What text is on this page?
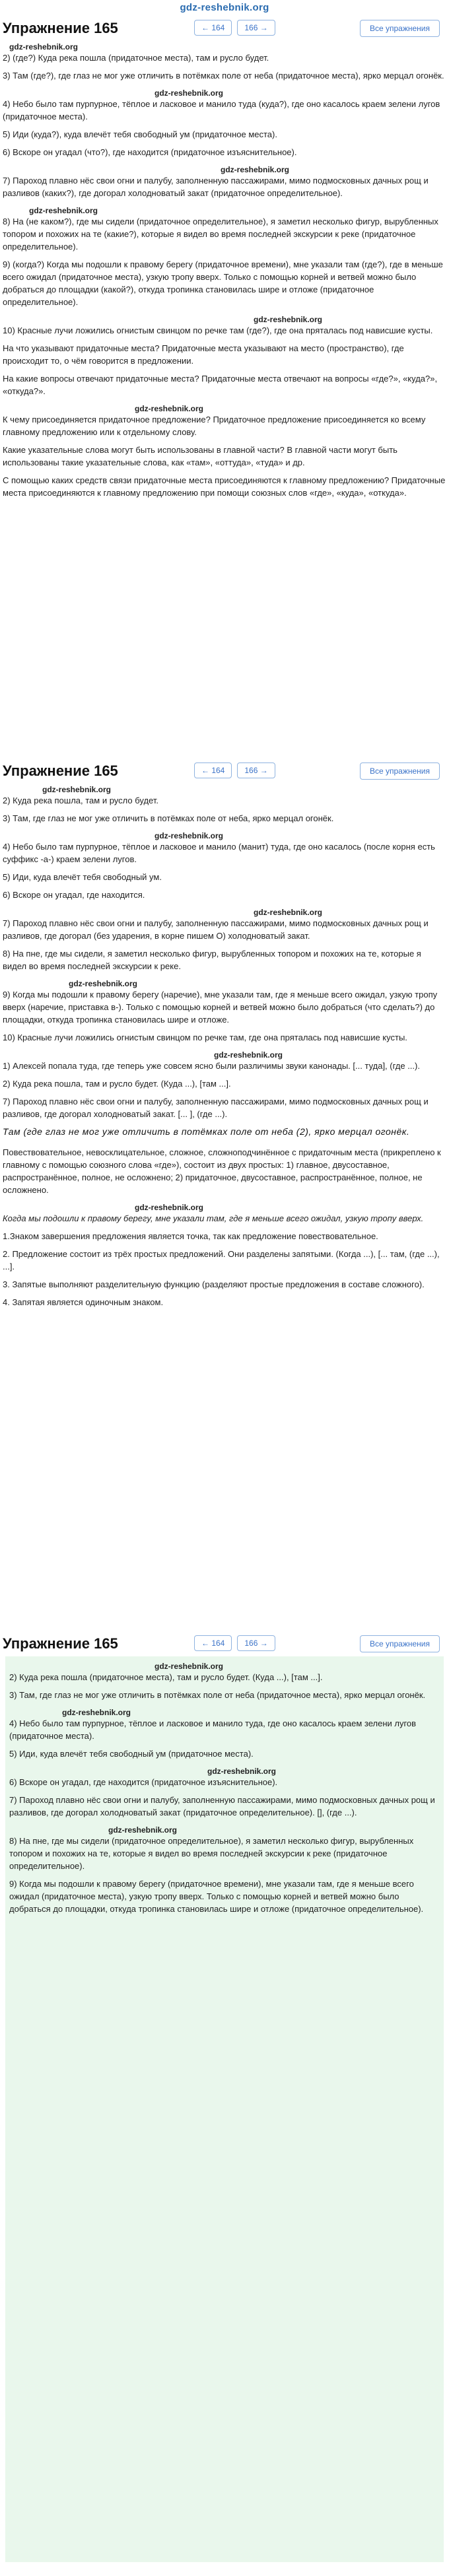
gdz-reshebnik.org
Упражнение 165	← 164	166 →	Все упражнения
gdz-reshebnik.org

2) (где?) Куда река пошла (придаточное места), там и русло будет.

3) Там (где?), где глаз не мог уже отличить в потёмках поле от неба (придаточное места), ярко мерцал огонёк.

gdz-reshebnik.org

4) Небо было там пурпурное, тёплое и ласковое и манило туда (куда?), где оно касалось краем зелени лугов (придаточное места).

5) Иди (куда?), куда влечёт тебя свободный ум (придаточное места).

6) Вскоре он угадал (что?), где находится (придаточное изъяснительное).

gdz-reshebnik.org

7) Пароход плавно нёс свои огни и палубу, заполненную пассажирами, мимо подмосковных дачных рощ и разливов (каких?), где догорал холодноватый закат (придаточное определительное).

gdz-reshebnik.org

8) На (не каком?), где мы сидели (придаточное определительное), я заметил несколько фигур, вырубленных топором и похожих на те (какие?), которые я видел во время последней экскурсии к реке (придаточное определительное).

9) (когда?) Когда мы подошли к правому берегу (придаточное времени), мне указали там (где?), где в меньше всего ожидал (придаточное места), узкую тропу вверх. Только с помощью корней и ветвей можно было добраться до площадки (какой?), откуда тропинка становилась шире и отложе (придаточное определительное).

gdz-reshebnik.org

10) Красные лучи ложились огнистым свинцом по речке там (где?), где она пряталась под нависшие кусты.

На что указывают придаточные места? Придаточные места указывают на место (пространство), где происходит то, о чём говорится в предложении.

На какие вопросы отвечают придаточные места? Придаточные места отвечают на вопросы «где?», «куда?», «откуда?».

gdz-reshebnik.org

К чему присоединяется придаточное предложение? Придаточное предложение присоединяется ко всему главному предложению или к отдельному слову.

Какие указательные слова могут быть использованы в главной части? В главной части могут быть использованы такие указательные слова, как «там», «оттуда», «туда» и др.

С помощью каких средств связи придаточные места присоединяются к главному предложению? Придаточные места присоединяются к главному предложению при помощи союзных слов «где», «куда», «откуда».

Упражнение 165	← 164	166 →	Все упражнения
gdz-reshebnik.org

2) Куда река пошла, там и русло будет.

3) Там, где глаз не мог уже отличить в потёмках поле от неба, ярко мерцал огонёк.

gdz-reshebnik.org

4) Небо было там пурпурное, тёплое и ласковое и манило (манит) туда, где оно касалось (после корня есть суффикс -а-) краем зелени лугов.

5) Иди, куда влечёт тебя свободный ум.

6) Вскоре он угадал, где находится.

gdz-reshebnik.org

7) Пароход плавно нёс свои огни и палубу, заполненную пассажирами, мимо подмосковных дачных рощ и разливов, где догорал (без ударения, в корне пишем О) холодноватый закат.

8) На пне, где мы сидели, я заметил несколько фигур, вырубленных топором и похожих на те, которые я видел во время последней экскурсии к реке.

gdz-reshebnik.org

9) Когда мы подошли к правому берегу (наречие), мне указали там, где я меньше всего ожидал, узкую тропу вверх (наречие, приставка в-). Только с помощью корней и ветвей можно было добраться (что сделать?) до площадки, откуда тропинка становилась шире и отложе.

10) Красные лучи ложились огнистым свинцом по речке там, где она пряталась под нависшие кусты.

gdz-reshebnik.org

1) Алексей попала туда, где теперь уже совсем ясно были различимы звуки канонады. [... туда], (где ...).

2) Куда река пошла, там и русло будет. (Куда ...), [там ...].

7) Пароход плавно нёс свои огни и палубу, заполненную пассажирами, мимо подмосковных дачных рощ и разливов, где догорал холодноватый закат. [... ], (где ...).

Там (где глаз не мог уже отличить в потёмках поле от неба (2), ярко мерцал огонёк.

Повествовательное, невосклицательное, сложное, сложноподчинённое с придаточным места (прикреплено к главному с помощью союзного слова «где»), состоит из двух простых: 1) главное, двусоставное, распространённое, полное, не осложнено; 2) придаточное, двусоставное, распространённое, полное, не осложнено.

gdz-reshebnik.org

Когда мы подошли к правому берегу, мне указали там, где я меньше всего ожидал, узкую тропу вверх.

1.Знаком завершения предложения является точка, так как предложение повествовательное.

2. Предложение состоит из трёх простых предложений. Они разделены запятыми. (Когда ...), [... там, (где ...), ...].

3. Запятые выполняют разделительную функцию (разделяют простые предложения в составе сложного).

4. Запятая является одиночным знаком.

Упражнение 165	← 164	166 →	Все упражнения
gdz-reshebnik.org

2) Куда река пошла (придаточное места), там и русло будет. (Куда ...), [там ...].

3) Там, где глаз не мог уже отличить в потёмках поле от неба (придаточное места), ярко мерцал огонёк.

gdz-reshebnik.org

4) Небо было там пурпурное, тёплое и ласковое и манило туда, где оно касалось краем зелени лугов (придаточное места).

5) Иди, куда влечёт тебя свободный ум (придаточное места).

gdz-reshebnik.org

6) Вскоре он угадал, где находится (придаточное изъяснительное).

7) Пароход плавно нёс свои огни и палубу, заполненную пассажирами, мимо подмосковных дачных рощ и разливов, где догорал холодноватый закат (придаточное определительное). [], (где ...).

gdz-reshebnik.org

8) На пне, где мы сидели (придаточное определительное), я заметил несколько фигур, вырубленных топором и похожих на те, которые я видел во время последней экскурсии к реке (придаточное определительное).

9) Когда мы подошли к правому берегу (придаточное времени), мне указали там, где я меньше всего ожидал (придаточное места), узкую тропу вверх. Только с помощью корней и ветвей можно было добраться до площадки, откуда тропинка становилась шире и отложе (придаточное определительное).
